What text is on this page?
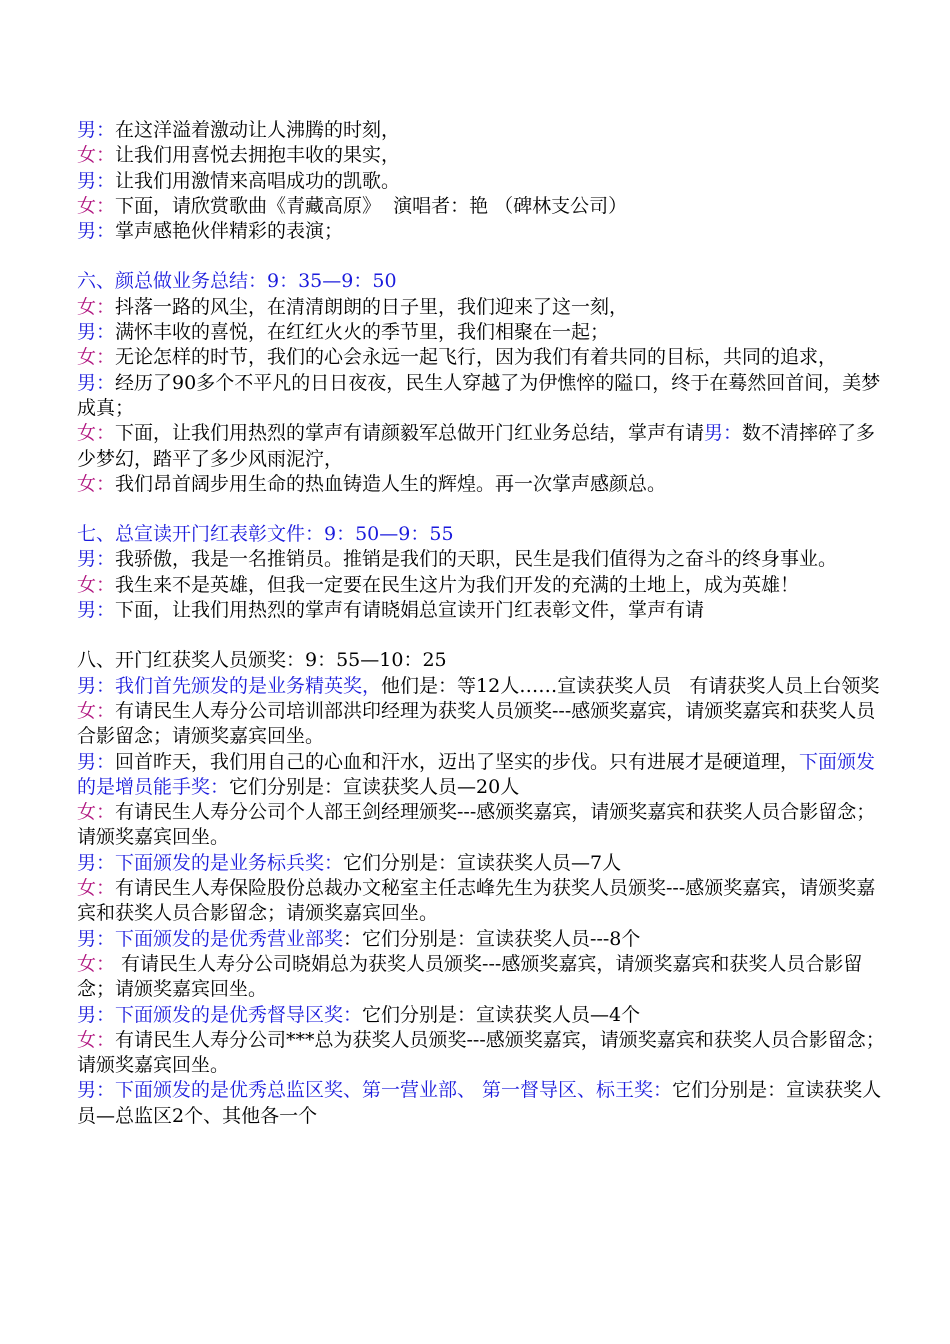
男：在这洋溢着激动让人沸腾的时刻，

女：让我们用喜悦去拥抱丰收的果实，

男：让我们用激情来高唱成功的凯歌。

女：下面，请欣赏歌曲《青藏高原》  演唱者：艳 （碑林支公司）

男：掌声感艳伙伴精彩的表演；

六、颜总做业务总结：9：35—9：50

女：抖落一路的风尘，在清清朗朗的日子里，我们迎来了这一刻，

男：满怀丰收的喜悦，在红红火火的季节里，我们相聚在一起；

女：无论怎样的时节，我们的心会永远一起飞行，因为我们有着共同的目标，共同的追求，

男：经历了90多个不平凡的日日夜夜，民生人穿越了为伊憔悴的隘口，终于在蓦然回首间，美梦成真；

女：下面，让我们用热烈的掌声有请颜毅军总做开门红业务总结，掌声有请男：数不清摔碎了多少梦幻，踏平了多少风雨泥泞，

女：我们昂首阔步用生命的热血铸造人生的辉煌。再一次掌声感颜总。

七、总宣读开门红表彰文件：9：50—9：55

男：我骄傲，我是一名推销员。推销是我们的天职，民生是我们值得为之奋斗的终身事业。

女：我生来不是英雄，但我一定要在民生这片为我们开发的充满的土地上，成为英雄！

男：下面，让我们用热烈的掌声有请晓娟总宣读开门红表彰文件，掌声有请

八、开门红获奖人员颁奖：9：55—10：25

男：我们首先颁发的是业务精英奖，他们是：等12人……宣读获奖人员   有请获奖人员上台领奖

女：有请民生人寿分公司培训部洪印经理为获奖人员颁奖---感颁奖嘉宾，请颁奖嘉宾和获奖人员合影留念；请颁奖嘉宾回坐。

男：回首昨天，我们用自己的心血和汗水，迈出了坚实的步伐。只有进展才是硬道理，下面颁发的是增员能手奖：它们分别是：宣读获奖人员—20人

女：有请民生人寿分公司个人部王剑经理颁奖---感颁奖嘉宾，请颁奖嘉宾和获奖人员合影留念；请颁奖嘉宾回坐。

男：下面颁发的是业务标兵奖：它们分别是：宣读获奖人员—7人

女：有请民生人寿保险股份总裁办文秘室主任志峰先生为获奖人员颁奖---感颁奖嘉宾，请颁奖嘉宾和获奖人员合影留念；请颁奖嘉宾回坐。

男：下面颁发的是优秀营业部奖：它们分别是：宣读获奖人员---8个

女： 有请民生人寿分公司晓娟总为获奖人员颁奖---感颁奖嘉宾，请颁奖嘉宾和获奖人员合影留念；请颁奖嘉宾回坐。

男：下面颁发的是优秀督导区奖：它们分别是：宣读获奖人员—4个

女：有请民生人寿分公司***总为获奖人员颁奖---感颁奖嘉宾，请颁奖嘉宾和获奖人员合影留念；请颁奖嘉宾回坐。

男：下面颁发的是优秀总监区奖、第一营业部、 第一督导区、标王奖：它们分别是：宣读获奖人员—总监区2个、其他各一个
